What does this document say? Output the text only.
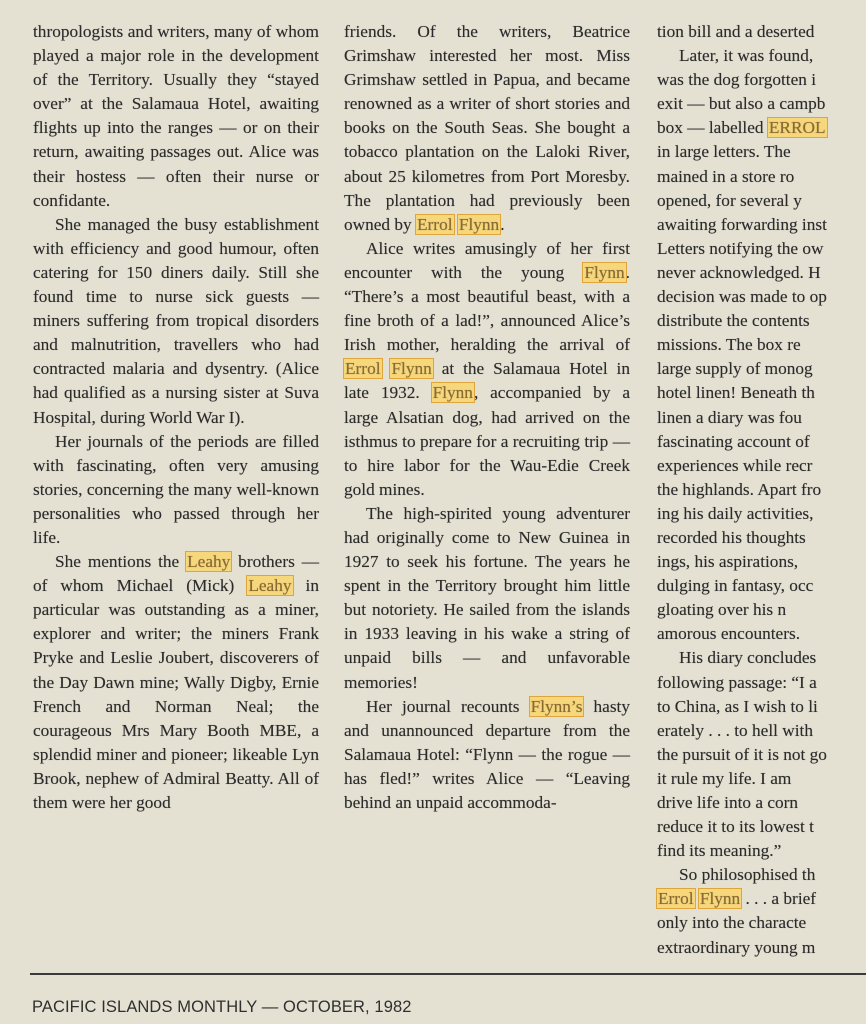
thropologists and writers, many of whom played a major role in the development of the Territory. Usually they “stayed over” at the Salamaua Hotel, awaiting flights up into the ranges — or on their return, awaiting passages out. Alice was their hostess — often their nurse or confidante.

She managed the busy establishment with efficiency and good humour, often catering for 150 diners daily. Still she found time to nurse sick guests — miners suffering from tropical disorders and malnutrition, travellers who had contracted malaria and dysentry. (Alice had qualified as a nursing sister at Suva Hospital, during World War I).

Her journals of the periods are filled with fascinating, often very amusing stories, concerning the many well-known personalities who passed through her life.

She mentions the Leahy brothers — of whom Michael (Mick) Leahy in particular was outstanding as a miner, explorer and writer; the miners Frank Pryke and Leslie Joubert, discoverers of the Day Dawn mine; Wally Digby, Ernie French and Norman Neal; the courageous Mrs Mary Booth MBE, a splendid miner and pioneer; likeable Lyn Brook, nephew of Admiral Beatty. All of them were her good

friends. Of the writers, Beatrice Grimshaw interested her most. Miss Grimshaw settled in Papua, and became renowned as a writer of short stories and books on the South Seas. She bought a tobacco plantation on the Laloki River, about 25 kilometres from Port Moresby. The plantation had previously been owned by Errol Flynn.

Alice writes amusingly of her first encounter with the young Flynn. “There’s a most beautiful beast, with a fine broth of a lad!”, announced Alice’s Irish mother, heralding the arrival of Errol Flynn at the Salamaua Hotel in late 1932. Flynn, accompanied by a large Alsatian dog, had arrived on the isthmus to prepare for a recruiting trip — to hire labor for the Wau-Edie Creek gold mines.

The high-spirited young adventurer had originally come to New Guinea in 1927 to seek his fortune. The years he spent in the Territory brought him little but notoriety. He sailed from the islands in 1933 leaving in his wake a string of unpaid bills — and unfavorable memories!

Her journal recounts Flynn’s hasty and unannounced departure from the Salamaua Hotel: “Flynn — the rogue — has fled!” writes Alice — “Leaving behind an unpaid accommoda-

tion bill and a deserted

Later, it was found,

was the dog forgotten i

exit — but also a campb

box — labelled ERROL

in large letters. The

mained in a store ro

opened, for several y

awaiting forwarding inst

Letters notifying the ow

never acknowledged. H

decision was made to op

distribute the contents

missions. The box re

large supply of monog

hotel linen! Beneath th

linen a diary was fou

fascinating account of

experiences while recr

the highlands. Apart fro

ing his daily activities,

recorded his thoughts

ings, his aspirations,

dulging in fantasy, occ

gloating over his n

amorous encounters.

His diary concludes

following passage: “I a

to China, as I wish to li

erately . . . to hell with

the pursuit of it is not go

it rule my life. I am

drive life into a corn

reduce it to its lowest t

find its meaning.”

So philosophised th

Errol Flynn . . . a brief

only into the characte

extraordinary young m

PACIFIC ISLANDS MONTHLY — OCTOBER, 1982
